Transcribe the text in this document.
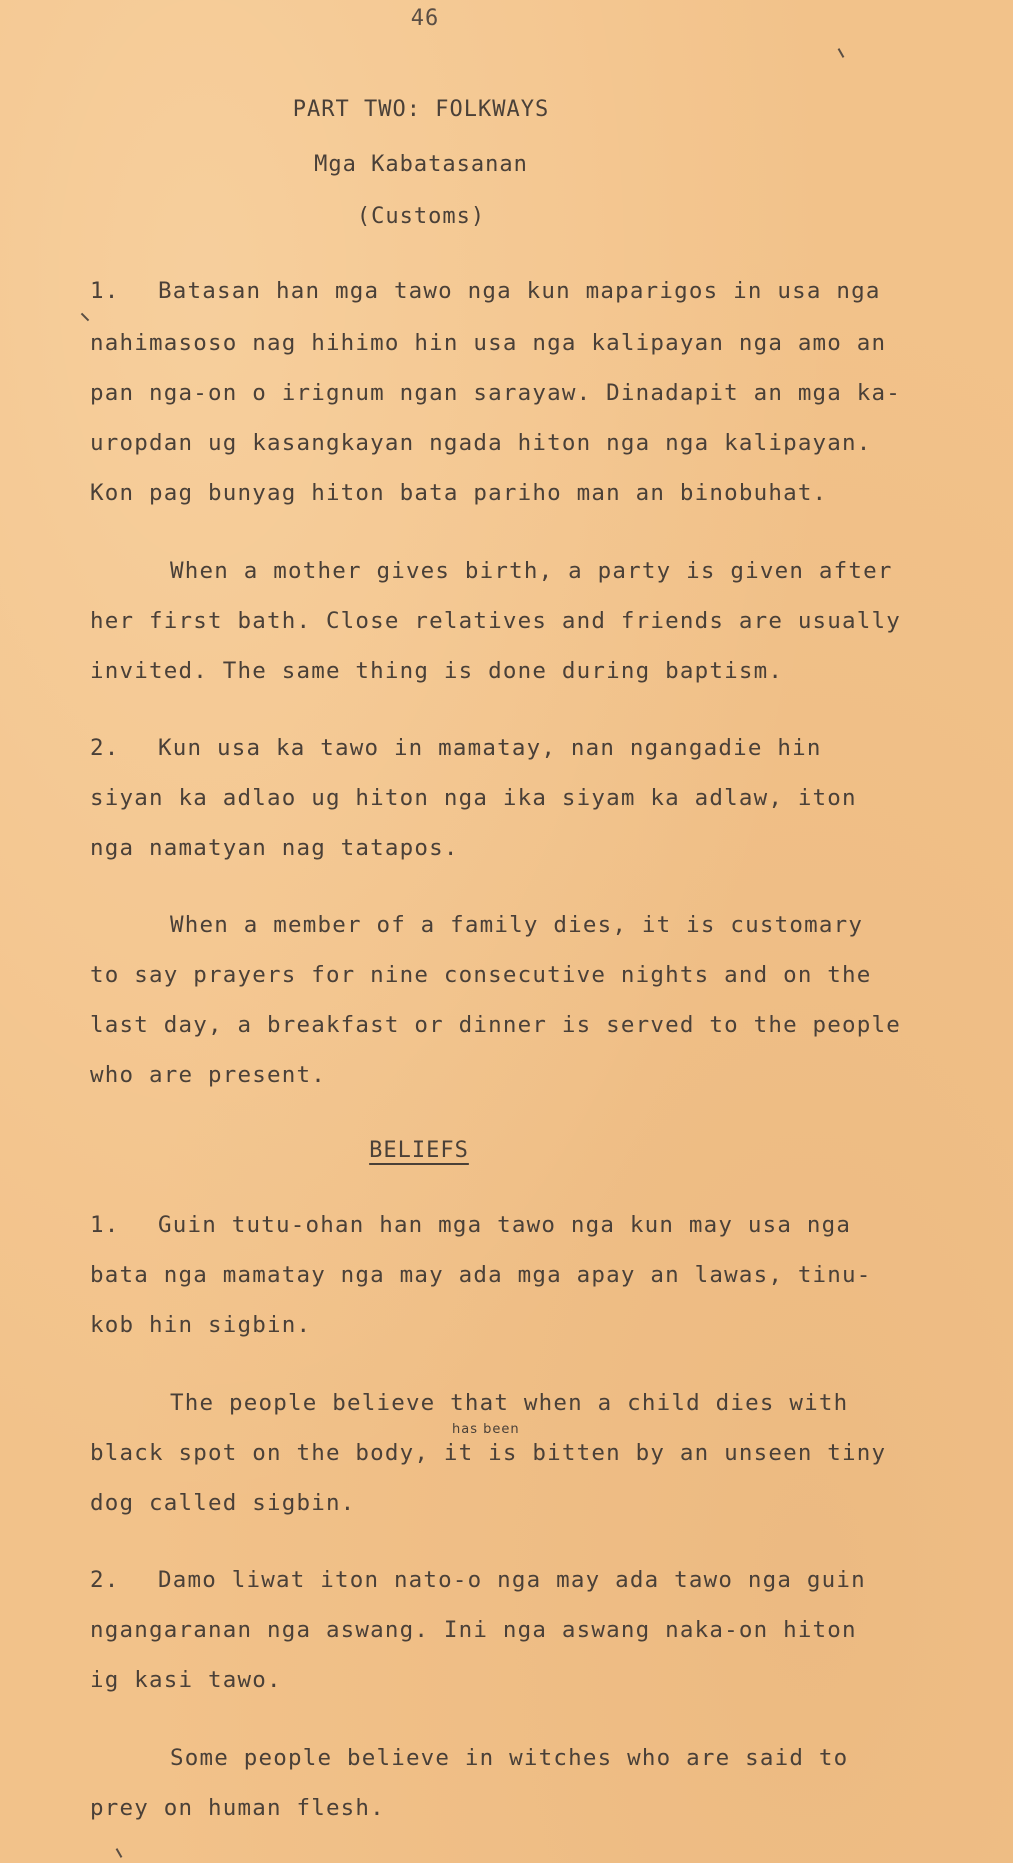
46
PART TWO: FOLKWAYS
Mga Kabatasanan
(Customs)
1. Batasan han mga tawo nga kun maparigos in usa nga
nahimasoso nag hihimo hin usa nga kalipayan nga amo an
pan nga-on o irignum ngan sarayaw. Dinadapit an mga ka-
uropdan ug kasangkayan ngada hiton nga nga kalipayan.
Kon pag bunyag hiton bata pariho man an binobuhat.
When a mother gives birth, a party is given after
her first bath. Close relatives and friends are usually
invited. The same thing is done during baptism.
2. Kun usa ka tawo in mamatay, nan ngangadie hin
siyan ka adlao ug hiton nga ika siyam ka adlaw, iton
nga namatyan nag tatapos.
When a member of a family dies, it is customary
to say prayers for nine consecutive nights and on the
last day, a breakfast or dinner is served to the people
who are present.
BELIEFS
1. Guin tutu-ohan han mga tawo nga kun may usa nga
bata nga mamatay nga may ada mga apay an lawas, tinu-
kob hin sigbin.
The people believe that when a child dies with
has been
black spot on the body, it is bitten by an unseen tiny
dog called sigbin.
2. Damo liwat iton nato-o nga may ada tawo nga guin
ngangaranan nga aswang. Ini nga aswang naka-on hiton
ig kasi tawo.
Some people believe in witches who are said to
prey on human flesh.
